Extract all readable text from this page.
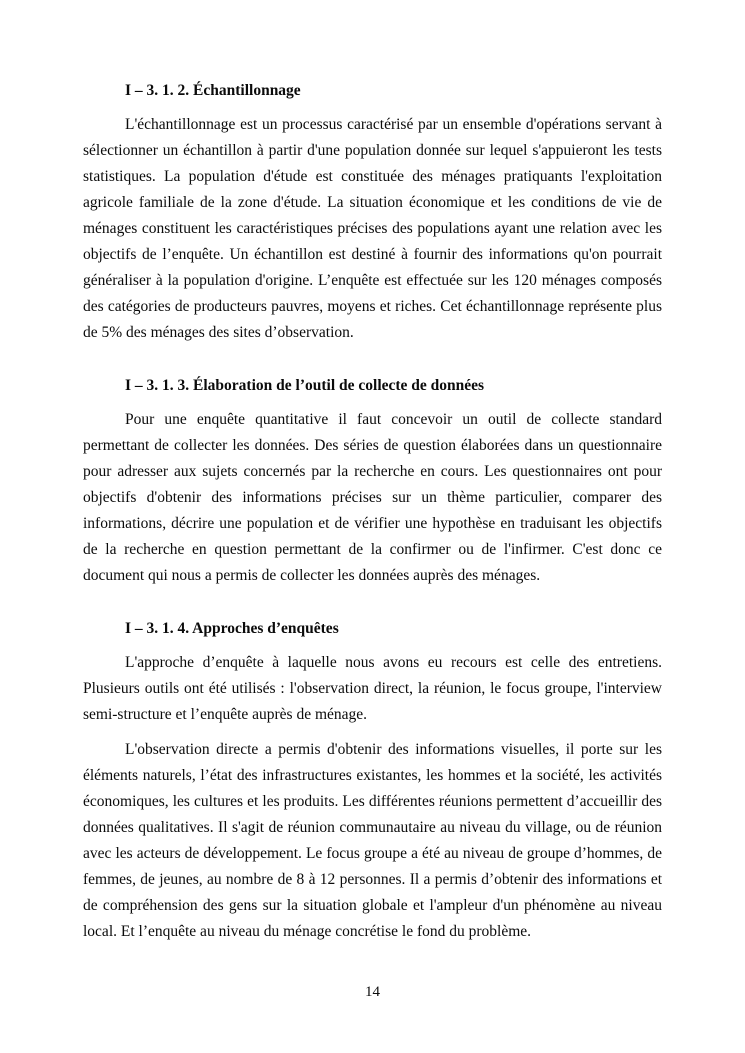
I – 3. 1. 2. Échantillonnage

L'échantillonnage est un processus caractérisé par un ensemble d'opérations servant à sélectionner un échantillon à partir d'une population donnée sur lequel s'appuieront les tests statistiques. La population d'étude est constituée des ménages pratiquants l'exploitation agricole familiale de la zone d'étude. La situation économique et les conditions de vie de ménages constituent les caractéristiques précises des populations ayant une relation avec les objectifs de l’enquête. Un échantillon est destiné à fournir des informations qu'on pourrait généraliser à la population d'origine. L’enquête est effectuée sur les 120 ménages composés des catégories de producteurs pauvres, moyens et riches. Cet échantillonnage représente plus de 5% des ménages des sites d’observation.

I – 3. 1. 3. Élaboration de l’outil de collecte de données

Pour une enquête quantitative il faut concevoir un outil de collecte standard permettant de collecter les données. Des séries de question élaborées dans un questionnaire pour adresser aux sujets concernés par la recherche en cours. Les questionnaires ont pour objectifs d'obtenir des informations précises sur un thème particulier, comparer des informations, décrire une population et de vérifier une hypothèse en traduisant les objectifs de la recherche en question permettant de la confirmer ou de l'infirmer. C'est donc ce document qui nous a permis de collecter les données auprès des ménages.

I – 3. 1. 4. Approches d’enquêtes

L'approche d’enquête à laquelle nous avons eu recours est celle des entretiens. Plusieurs outils ont été utilisés : l'observation direct, la réunion, le focus groupe, l'interview semi-structure et l’enquête auprès de ménage.

L'observation directe a permis d'obtenir des informations visuelles, il porte sur les éléments naturels, l’état des infrastructures existantes, les hommes et la société, les activités économiques, les cultures et les produits. Les différentes réunions permettent d’accueillir des données qualitatives. Il s'agit de réunion communautaire au niveau du village, ou de réunion avec les acteurs de développement. Le focus groupe a été au niveau de groupe d’hommes, de femmes, de jeunes, au nombre de 8 à 12 personnes. Il a permis d’obtenir des informations et de compréhension des gens sur la situation globale et l'ampleur d'un phénomène au niveau local. Et l’enquête au niveau du ménage concrétise le fond du problème.

14
